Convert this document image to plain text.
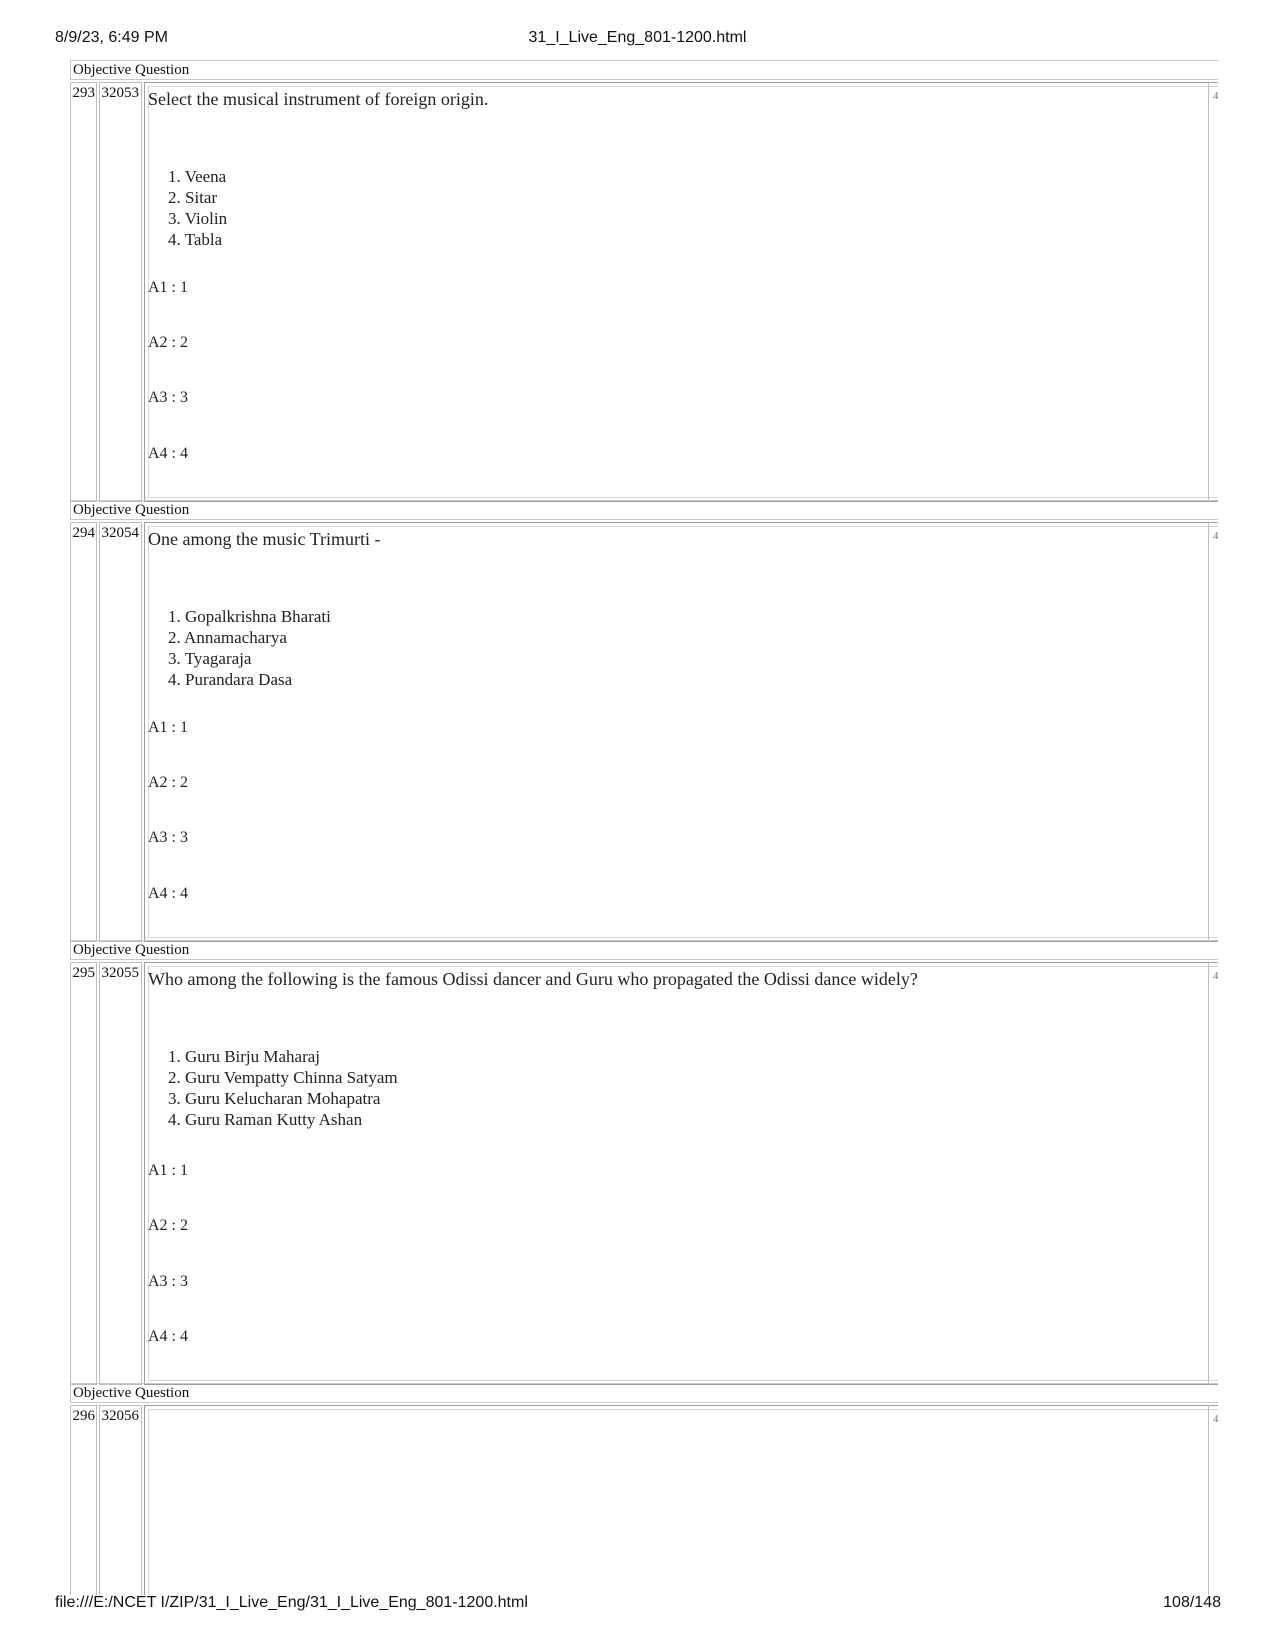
8/9/23, 6:49 PM	31_I_Live_Eng_801-1200.html
Objective Question
293 32053	4
Select the musical instrument of foreign origin.
1. Veena
2. Sitar
3. Violin
4. Tabla
A1 : 1
A2 : 2
A3 : 3
A4 : 4
Objective Question
294 32054	4
One among the music Trimurti -
1. Gopalkrishna Bharati
2. Annamacharya
3. Tyagaraja
4. Purandara Dasa
A1 : 1
A2 : 2
A3 : 3
A4 : 4
Objective Question
295 32055	4
Who among the following is the famous Odissi dancer and Guru who propagated the Odissi dance widely?
1. Guru Birju Maharaj
2. Guru Vempatty Chinna Satyam
3. Guru Kelucharan Mohapatra
4. Guru Raman Kutty Ashan
A1 : 1
A2 : 2
A3 : 3
A4 : 4
Objective Question
296 32056	4
file:///E:/NCET I/ZIP/31_I_Live_Eng/31_I_Live_Eng_801-1200.html	108/148
